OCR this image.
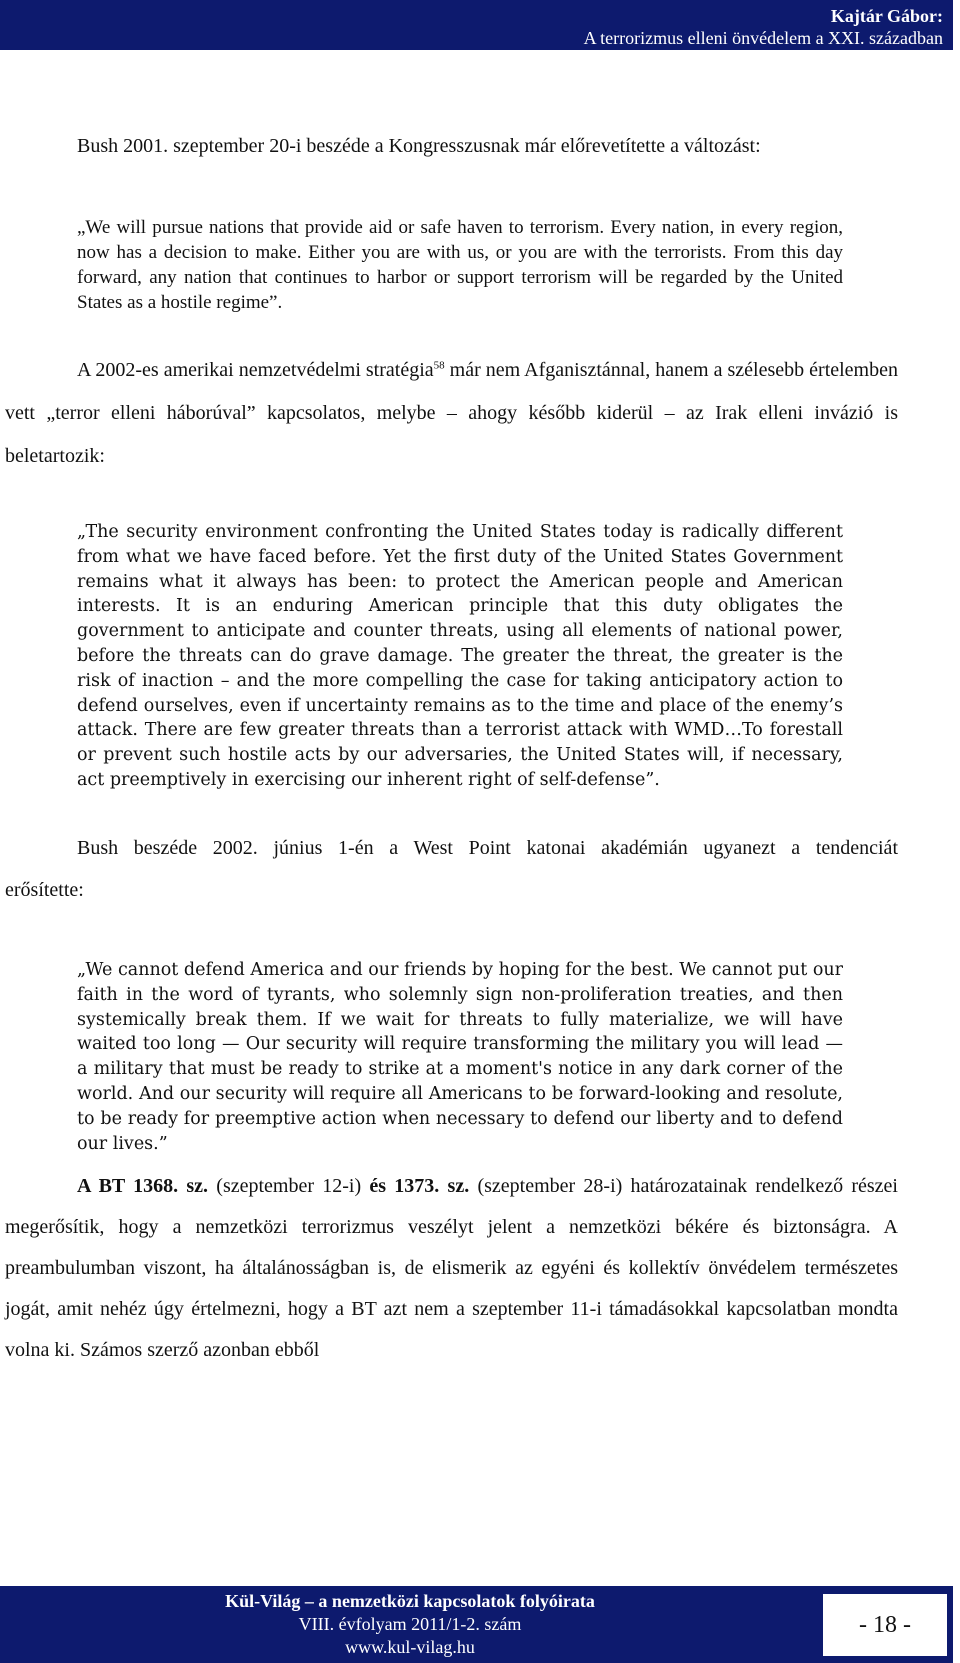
Kajtár Gábor:
A terrorizmus elleni önvédelem a XXI. században

Bush 2001. szeptember 20-i beszéde a Kongresszusnak már előrevetítette a változást:

„We will pursue nations that provide aid or safe haven to terrorism. Every nation, in every region, now has a decision to make. Either you are with us, or you are with the terrorists. From this day forward, any nation that continues to harbor or support terrorism will be regarded by the United States as a hostile regime”.

A 2002-es amerikai nemzetvédelmi stratégia$^{58}$ már nem Afganisztánnal, hanem a szélesebb értelemben vett „terror elleni háborúval” kapcsolatos, melybe – ahogy később kiderül – az Irak elleni invázió is beletartozik:

„The security environment confronting the United States today is radically different from what we have faced before. Yet the first duty of the United States Government remains what it always has been: to protect the American people and American interests. It is an enduring American principle that this duty obligates the government to anticipate and counter threats, using all elements of national power, before the threats can do grave damage. The greater the threat, the greater is the risk of inaction – and the more compelling the case for taking anticipatory action to defend ourselves, even if uncertainty remains as to the time and place of the enemy’s attack. There are few greater threats than a terrorist attack with WMD…To forestall or prevent such hostile acts by our adversaries, the United States will, if necessary, act preemptively in exercising our inherent right of self-defense”.

Bush beszéde 2002. június 1-én a West Point katonai akadémián ugyanezt a tendenciát

erősítette:

„We cannot defend America and our friends by hoping for the best. We cannot put our faith in the word of tyrants, who solemnly sign non-proliferation treaties, and then systemically break them. If we wait for threats to fully materialize, we will have waited too long — Our security will require transforming the military you will lead — a military that must be ready to strike at a moment's notice in any dark corner of the world. And our security will require all Americans to be forward-looking and resolute, to be ready for preemptive action when necessary to defend our liberty and to defend our lives.”

A BT 1368. sz. (szeptember 12-i) és 1373. sz. (szeptember 28-i) határozatainak rendelkező részei megerősítik, hogy a nemzetközi terrorizmus veszélyt jelent a nemzetközi békére és biztonságra. A preambulumban viszont, ha általánosságban is, de elismerik az egyéni és kollektív önvédelem természetes jogát, amit nehéz úgy értelmezni, hogy a BT azt nem a szeptember 11-i támadásokkal kapcsolatban mondta volna ki. Számos szerző azonban ebből

Kül-Világ – a nemzetközi kapcsolatok folyóirata
VIII. évfolyam 2011/1-2. szám
www.kul-vilag.hu
- 18 -
